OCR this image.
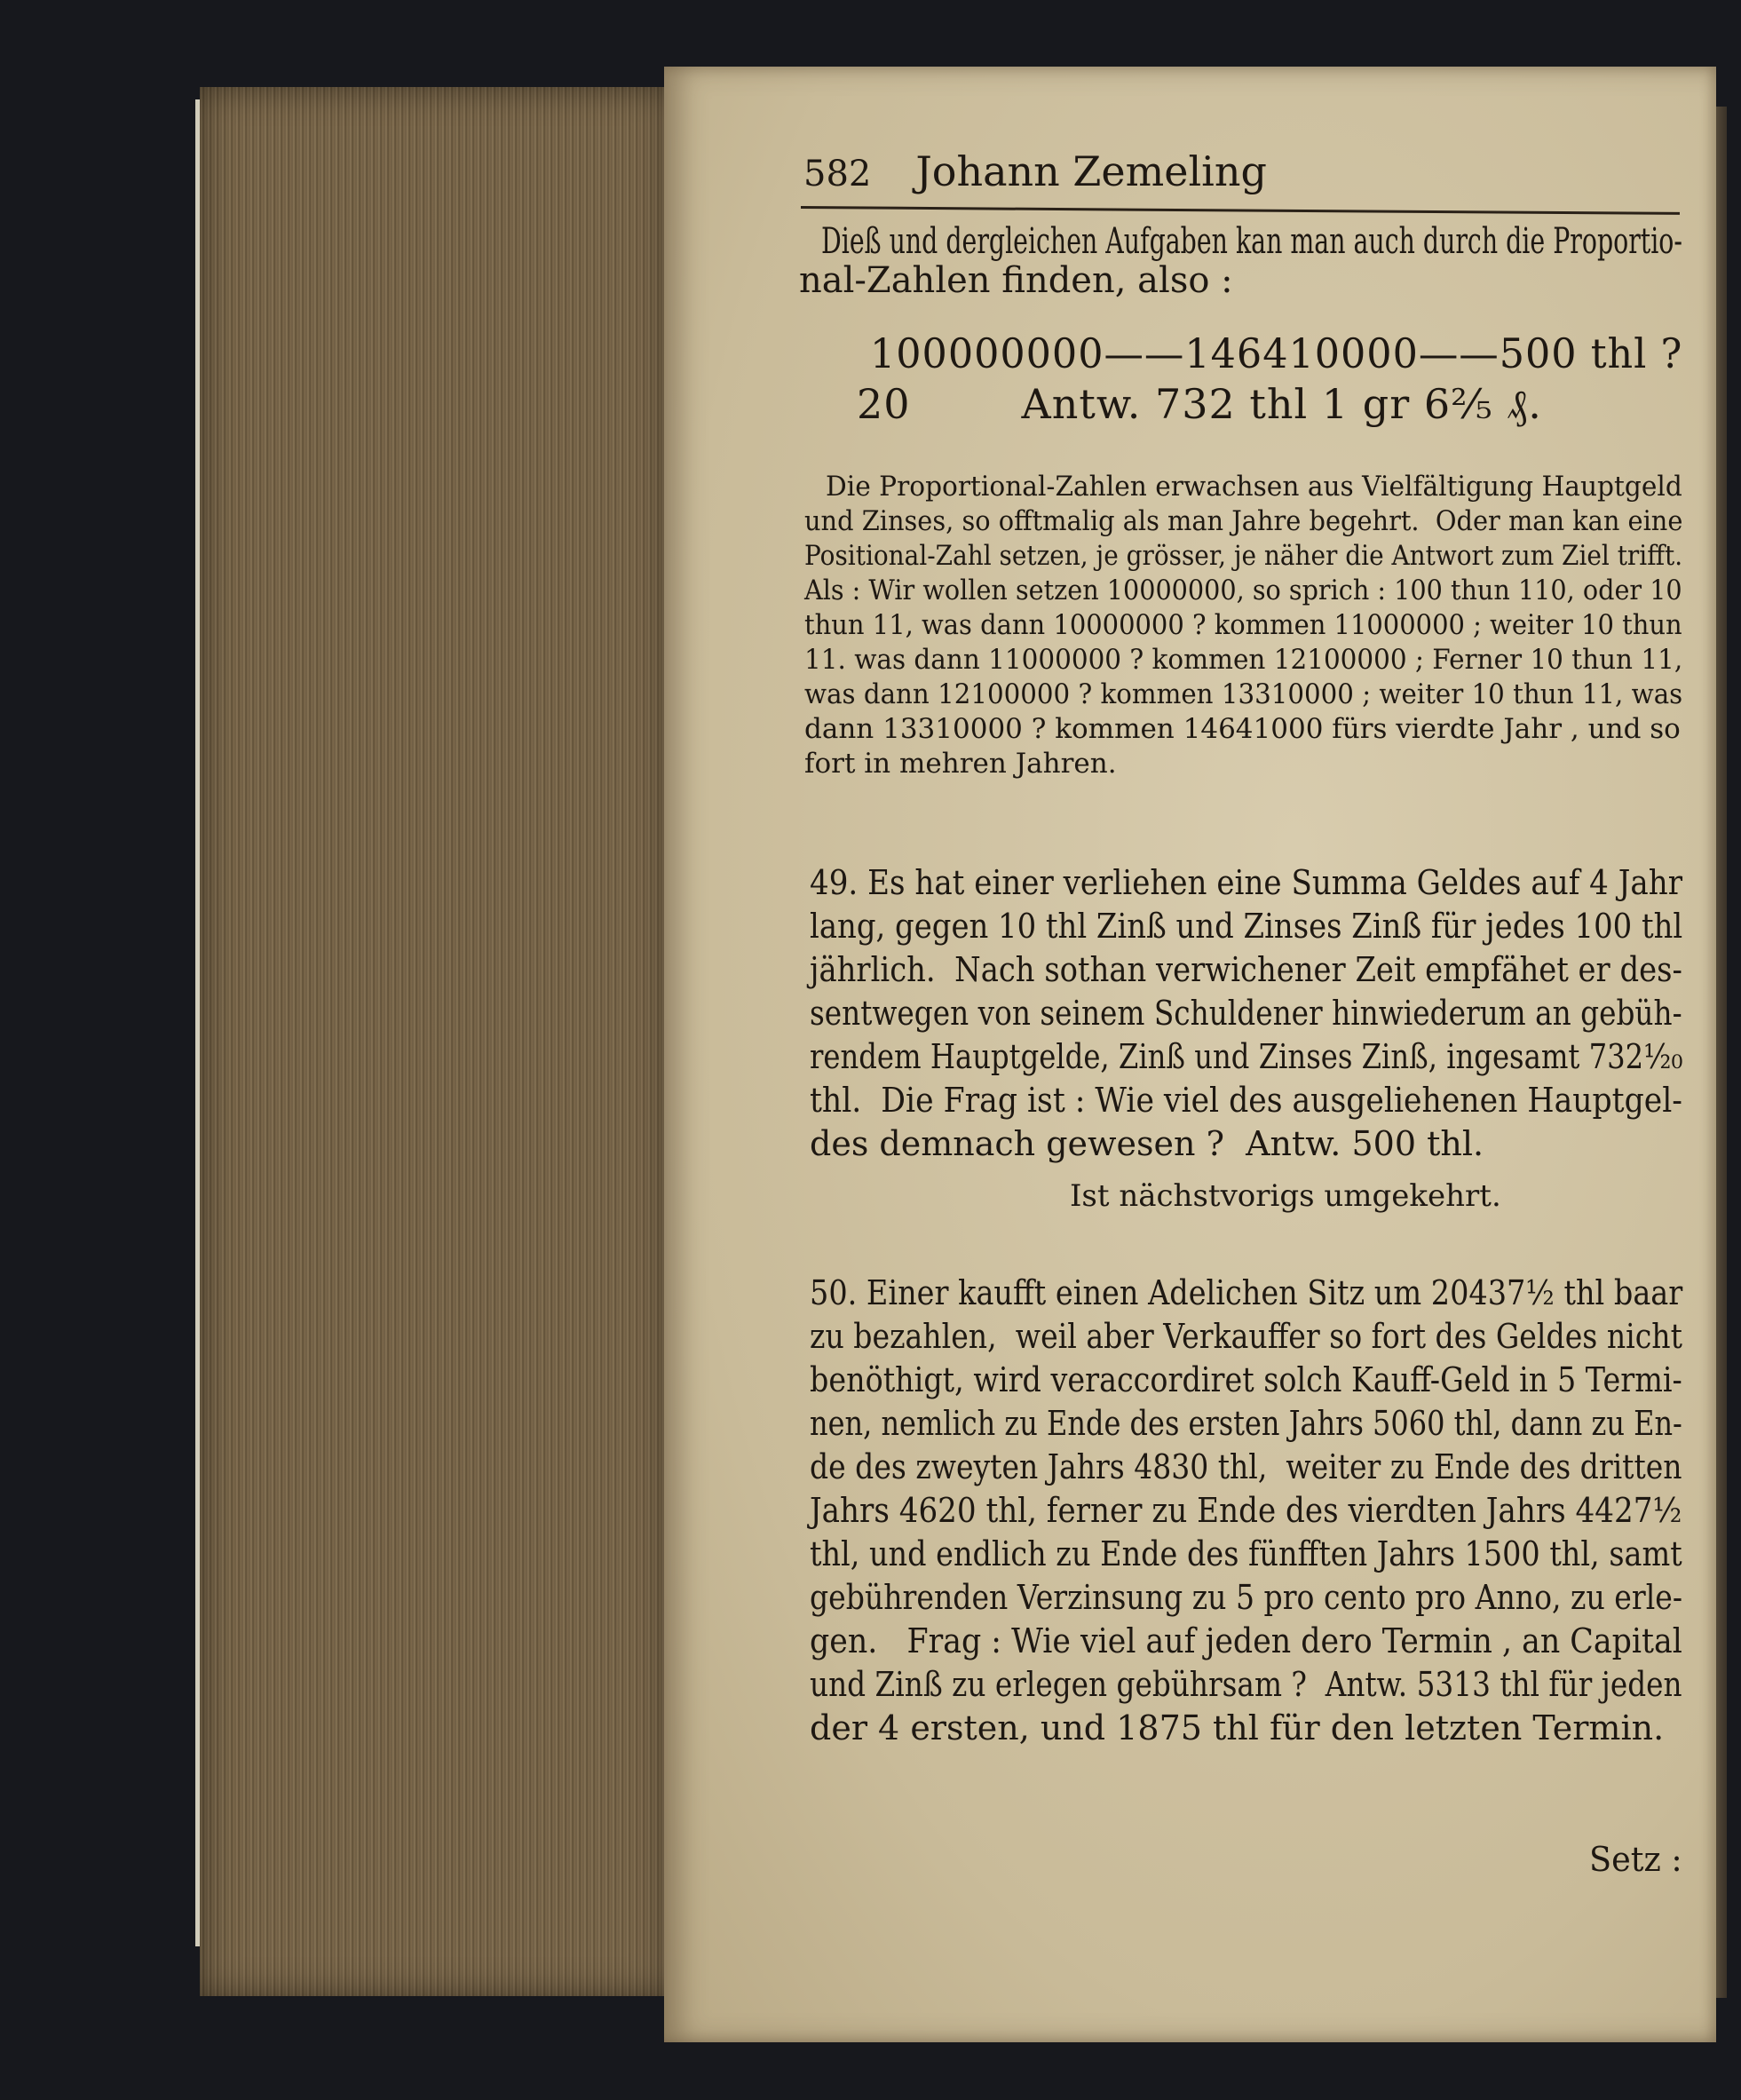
582 Johann Zemeling
Dieß und dergleichen Aufgaben kan man auch durch die Proportio-
nal-Zahlen finden, also :
100000000——146410000——500 thl ?
20        Antw. 732 thl 1 gr 6²⁄₅ ₰.
Die Proportional-Zahlen erwachsen aus Vielfältigung Hauptgeld
und Zinses, so offtmalig als man Jahre begehrt.  Oder man kan eine
Positional-Zahl setzen, je grösser, je näher die Antwort zum Ziel trifft.
Als : Wir wollen setzen 10000000, so sprich : 100 thun 110, oder 10
thun 11, was dann 10000000 ? kommen 11000000 ; weiter 10 thun
11. was dann 11000000 ? kommen 12100000 ; Ferner 10 thun 11,
was dann 12100000 ? kommen 13310000 ; weiter 10 thun 11, was
dann 13310000 ? kommen 14641000 fürs vierdte Jahr , und so
fort in mehren Jahren.
49. Es hat einer verliehen eine Summa Geldes auf 4 Jahr
lang, gegen 10 thl Zinß und Zinses Zinß für jedes 100 thl
jährlich.  Nach sothan verwichener Zeit empfähet er des-
sentwegen von seinem Schuldener hinwiederum an gebüh-
rendem Hauptgelde, Zinß und Zinses Zinß, ingesamt 732¹⁄₂₀
thl.  Die Frag ist : Wie viel des ausgeliehenen Hauptgel-
des demnach gewesen ?  Antw. 500 thl.
Ist nächstvorigs umgekehrt.
50. Einer kaufft einen Adelichen Sitz um 20437½ thl baar
zu bezahlen,  weil aber Verkauffer so fort des Geldes nicht
benöthigt, wird veraccordiret solch Kauff-Geld in 5 Termi-
nen, nemlich zu Ende des ersten Jahrs 5060 thl, dann zu En-
de des zweyten Jahrs 4830 thl,  weiter zu Ende des dritten
Jahrs 4620 thl, ferner zu Ende des vierdten Jahrs 4427½
thl, und endlich zu Ende des fünfften Jahrs 1500 thl, samt
gebührenden Verzinsung zu 5 pro cento pro Anno, zu erle-
gen.   Frag : Wie viel auf jeden dero Termin , an Capital
und Zinß zu erlegen gebührsam ?  Antw. 5313 thl für jeden
der 4 ersten, und 1875 thl für den letzten Termin.
Setz :
